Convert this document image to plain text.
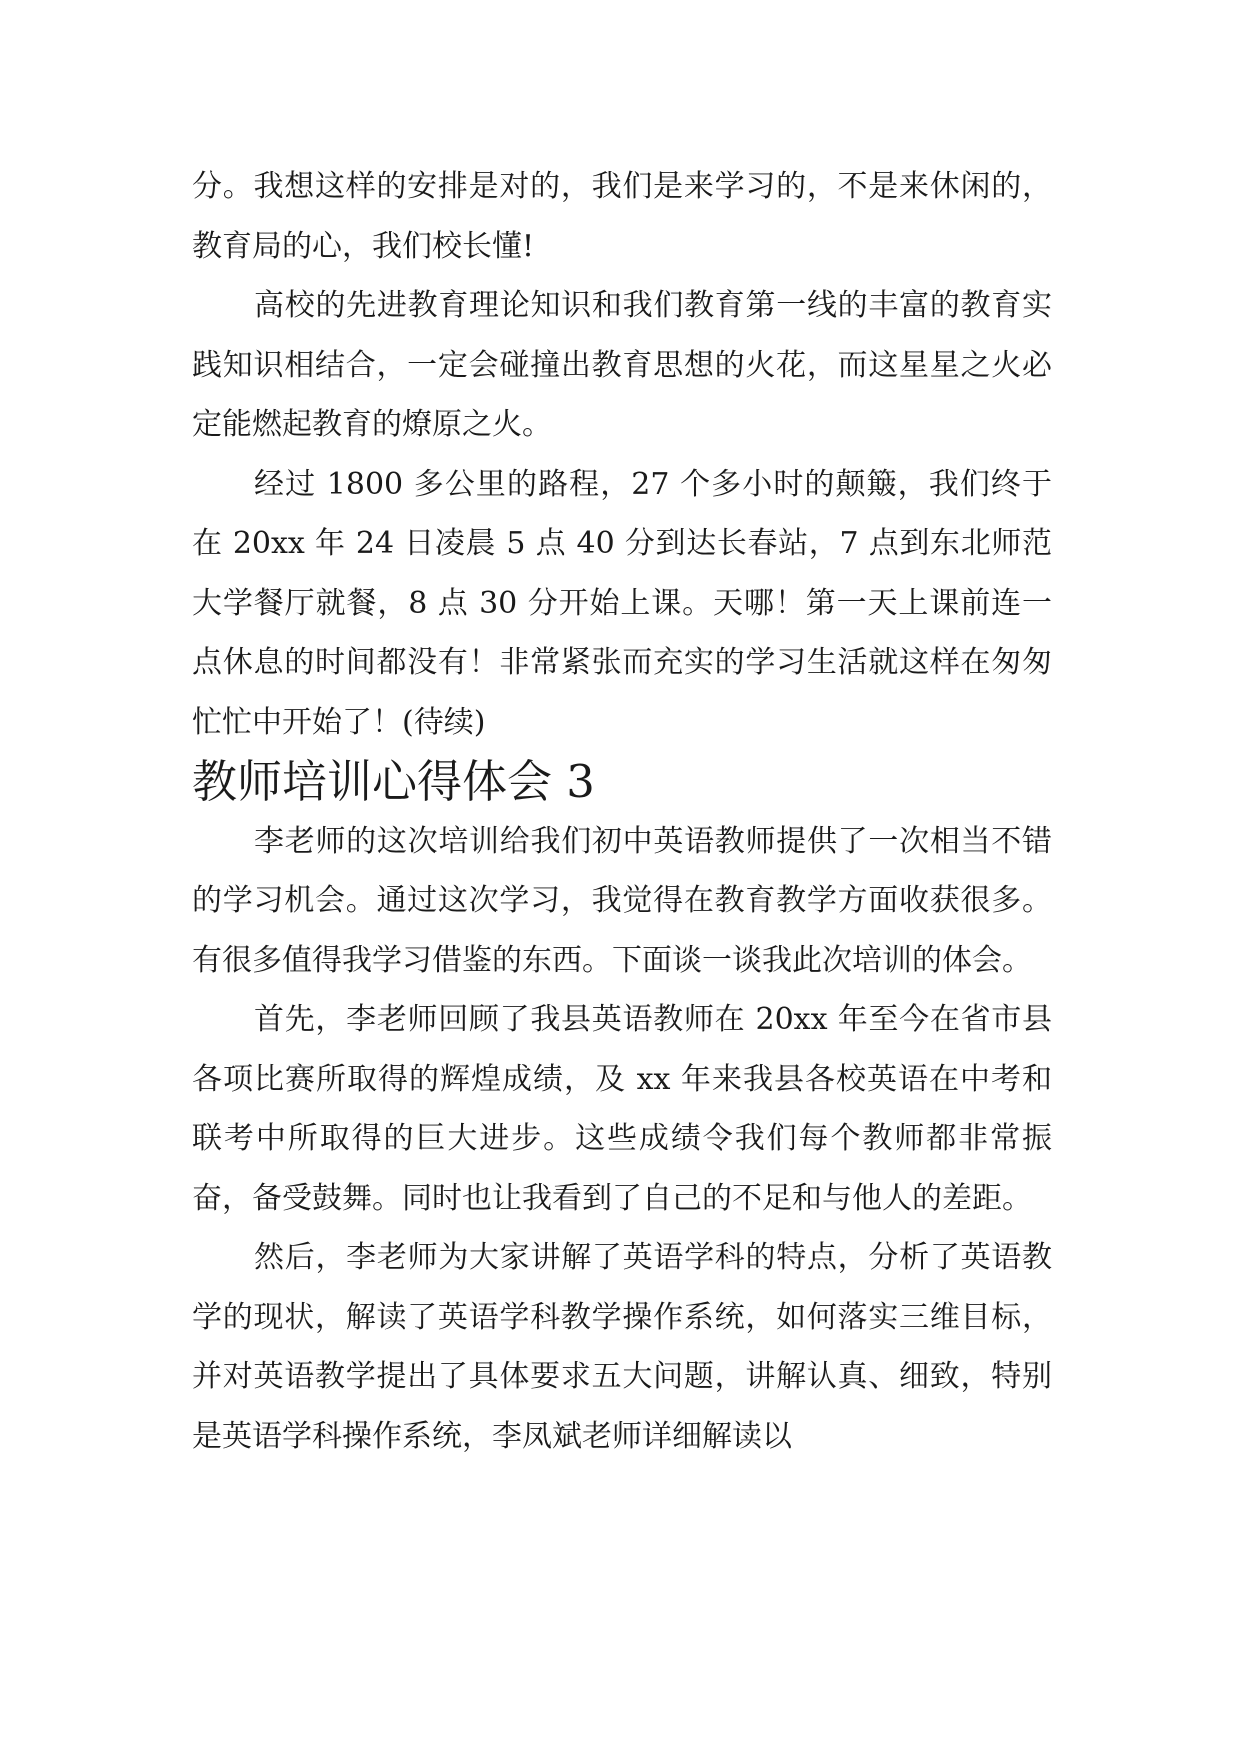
分。我想这样的安排是对的，我们是来学习的，不是来休闲的，教育局的心，我们校长懂!

高校的先进教育理论知识和我们教育第一线的丰富的教育实践知识相结合，一定会碰撞出教育思想的火花，而这星星之火必定能燃起教育的燎原之火。

经过 1800 多公里的路程，27 个多小时的颠簸，我们终于在 20xx 年 24 日凌晨 5 点 40 分到达长春站，7 点到东北师范大学餐厅就餐，8 点 30 分开始上课。天哪！第一天上课前连一点休息的时间都没有！非常紧张而充实的学习生活就这样在匆匆忙忙中开始了！(待续)

教师培训心得体会 3

李老师的这次培训给我们初中英语教师提供了一次相当不错的学习机会。通过这次学习，我觉得在教育教学方面收获很多。有很多值得我学习借鉴的东西。下面谈一谈我此次培训的体会。

首先，李老师回顾了我县英语教师在 20xx 年至今在省市县各项比赛所取得的辉煌成绩，及 xx 年来我县各校英语在中考和联考中所取得的巨大进步。这些成绩令我们每个教师都非常振奋，备受鼓舞。同时也让我看到了自己的不足和与他人的差距。

然后，李老师为大家讲解了英语学科的特点，分析了英语教学的现状，解读了英语学科教学操作系统，如何落实三维目标，并对英语教学提出了具体要求五大问题，讲解认真、细致，特别是英语学科操作系统，李凤斌老师详细解读以
